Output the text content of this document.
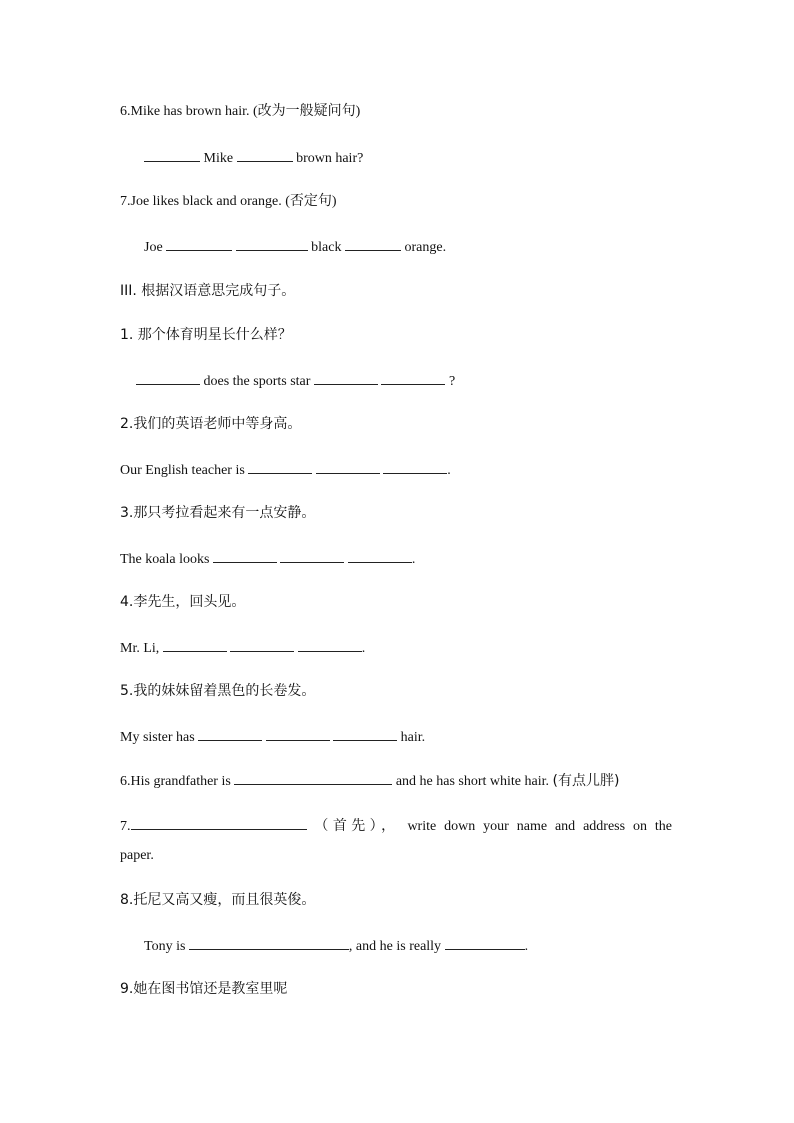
6.Mike has brown hair. (改为一般疑问句)
Mike	brown hair?
7.Joe likes black and orange. (否定句)
Joe	black	orange.
III. 根据汉语意思完成句子。
1. 那个体育明星长什么样？
does the sports star	?
2.我们的英语老师中等身高。
Our English teacher is	.
3.那只考拉看起来有一点安静。
The koala looks	.
4.李先生，回头见。
Mr. Li,	.
5.我的妹妹留着黑色的长卷发。
My sister has	hair.
6.His grandfather is	and he has short white hair. (有点儿胖)
7.	（首先）， write down your name and address on the
paper.
8.托尼又高又瘦，而且很英俊。
Tony is	, and he is really	.
9.她在图书馆还是教室里呢
